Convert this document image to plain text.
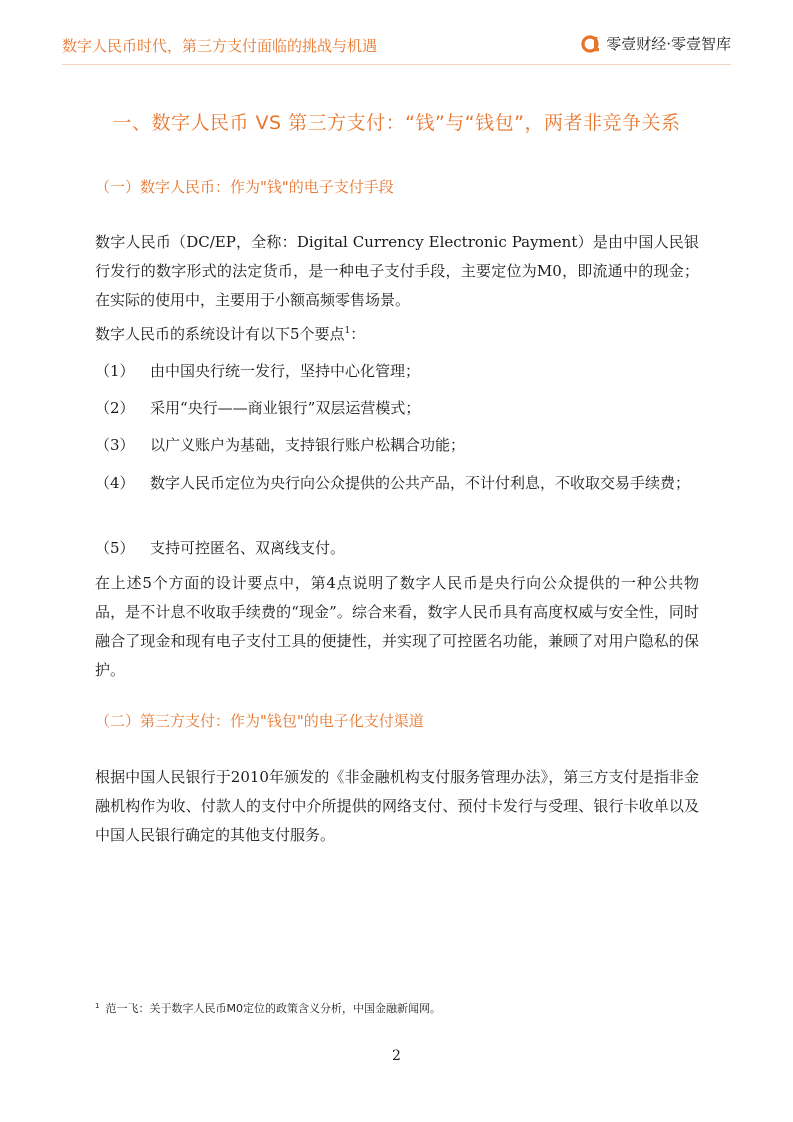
数字人民币时代，第三方支付面临的挑战与机遇	零壹财经·零壹智库
一、数字人民币 VS 第三方支付：“钱”与“钱包”，两者非竞争关系
（一）数字人民币：作为"钱"的电子支付手段

数字人民币（DC/EP，全称：Digital Currency Electronic Payment）是由中国人民银行发行的数字形式的法定货币，是一种电子支付手段，主要定位为M0，即流通中的现金；在实际的使用中，主要用于小额高频零售场景。

数字人民币的系统设计有以下5个要点$^1$：

（1） 由中国央行统一发行，坚持中心化管理；

（2） 采用“央行——商业银行”双层运营模式；

（3） 以广义账户为基础，支持银行账户松耦合功能；

（4） 数字人民币定位为央行向公众提供的公共产品，不计付利息，不收取交易手续费；

（5） 支持可控匿名、双离线支付。

在上述5个方面的设计要点中，第4点说明了数字人民币是央行向公众提供的一种公共物品，是不计息不收取手续费的“现金”。综合来看，数字人民币具有高度权威与安全性，同时融合了现金和现有电子支付工具的便捷性，并实现了可控匿名功能，兼顾了对用户隐私的保护。

（二）第三方支付：作为"钱包"的电子化支付渠道

根据中国人民银行于2010年颁发的《非金融机构支付服务管理办法》，第三方支付是指非金融机构作为收、付款人的支付中介所提供的网络支付、预付卡发行与受理、银行卡收单以及中国人民银行确定的其他支付服务。

$^1$ 范一飞：关于数字人民币M0定位的政策含义分析，中国金融新闻网。
2
